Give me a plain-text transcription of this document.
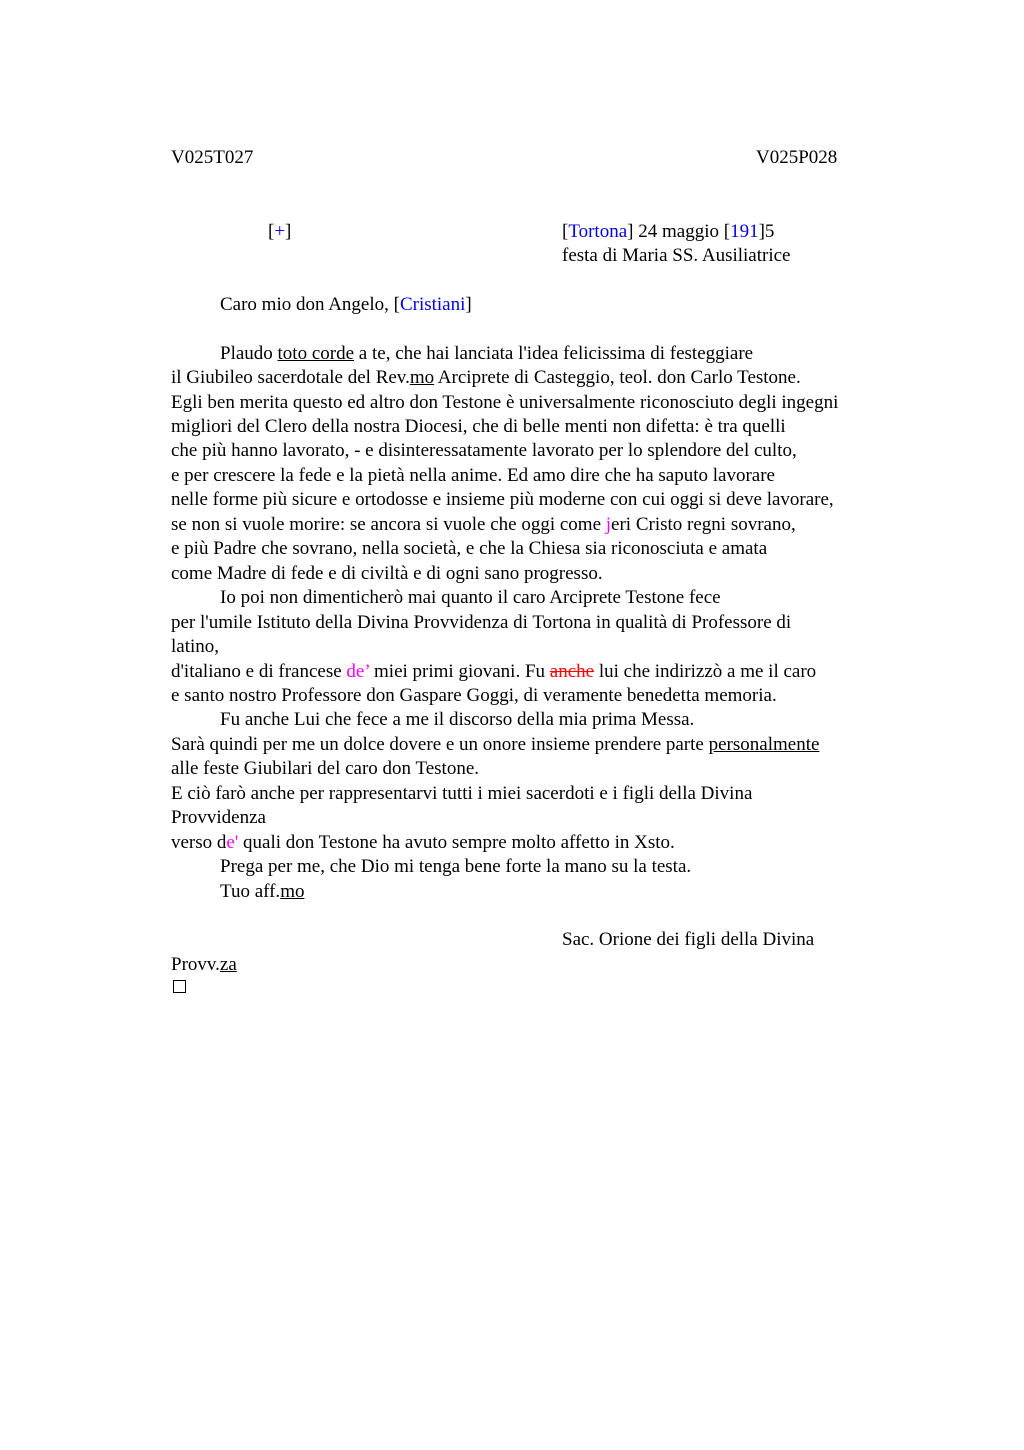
V025T027	V025P028
[+]	[Tortona] 24 maggio [191]5
festa di Maria SS. Ausiliatrice
Caro mio don Angelo, [Cristiani]
Plaudo toto corde a te, che hai lanciata l'idea felicissima di festeggiare
il Giubileo sacerdotale del Rev.mo Arciprete di Casteggio, teol. don Carlo Testone.
Egli ben merita questo ed altro don Testone è universalmente riconosciuto degli ingegni
migliori del Clero della nostra Diocesi, che di belle menti non difetta: è tra quelli
che più hanno lavorato, - e disinteressatamente lavorato per lo splendore del culto,
e per crescere la fede e la pietà nella anime. Ed amo dire che ha saputo lavorare
nelle forme più sicure e ortodosse e insieme più moderne con cui oggi si deve lavorare,
se non si vuole morire: se ancora si vuole che oggi come jeri Cristo regni sovrano,
e più Padre che sovrano, nella società, e che la Chiesa sia riconosciuta e amata
come Madre di fede e di civiltà e di ogni sano progresso.
Io poi non dimenticherò mai quanto il caro Arciprete Testone fece
per l'umile Istituto della Divina Provvidenza di Tortona in qualità di Professore di
latino,
d'italiano e di francese de’ miei primi giovani. Fu anche lui che indirizzò a me il caro
e santo nostro Professore don Gaspare Goggi, di veramente benedetta memoria.
Fu anche Lui che fece a me il discorso della mia prima Messa.
Sarà quindi per me un dolce dovere e un onore insieme prendere parte personalmente
alle feste Giubilari del caro don Testone.
E ciò farò anche per rappresentarvi tutti i miei sacerdoti e i figli della Divina
Provvidenza
verso de' quali don Testone ha avuto sempre molto affetto in Xsto.
Prega per me, che Dio mi tenga bene forte la mano su la testa.
Tuo aff.mo
Sac. Orione dei figli della Divina
Provv.za
